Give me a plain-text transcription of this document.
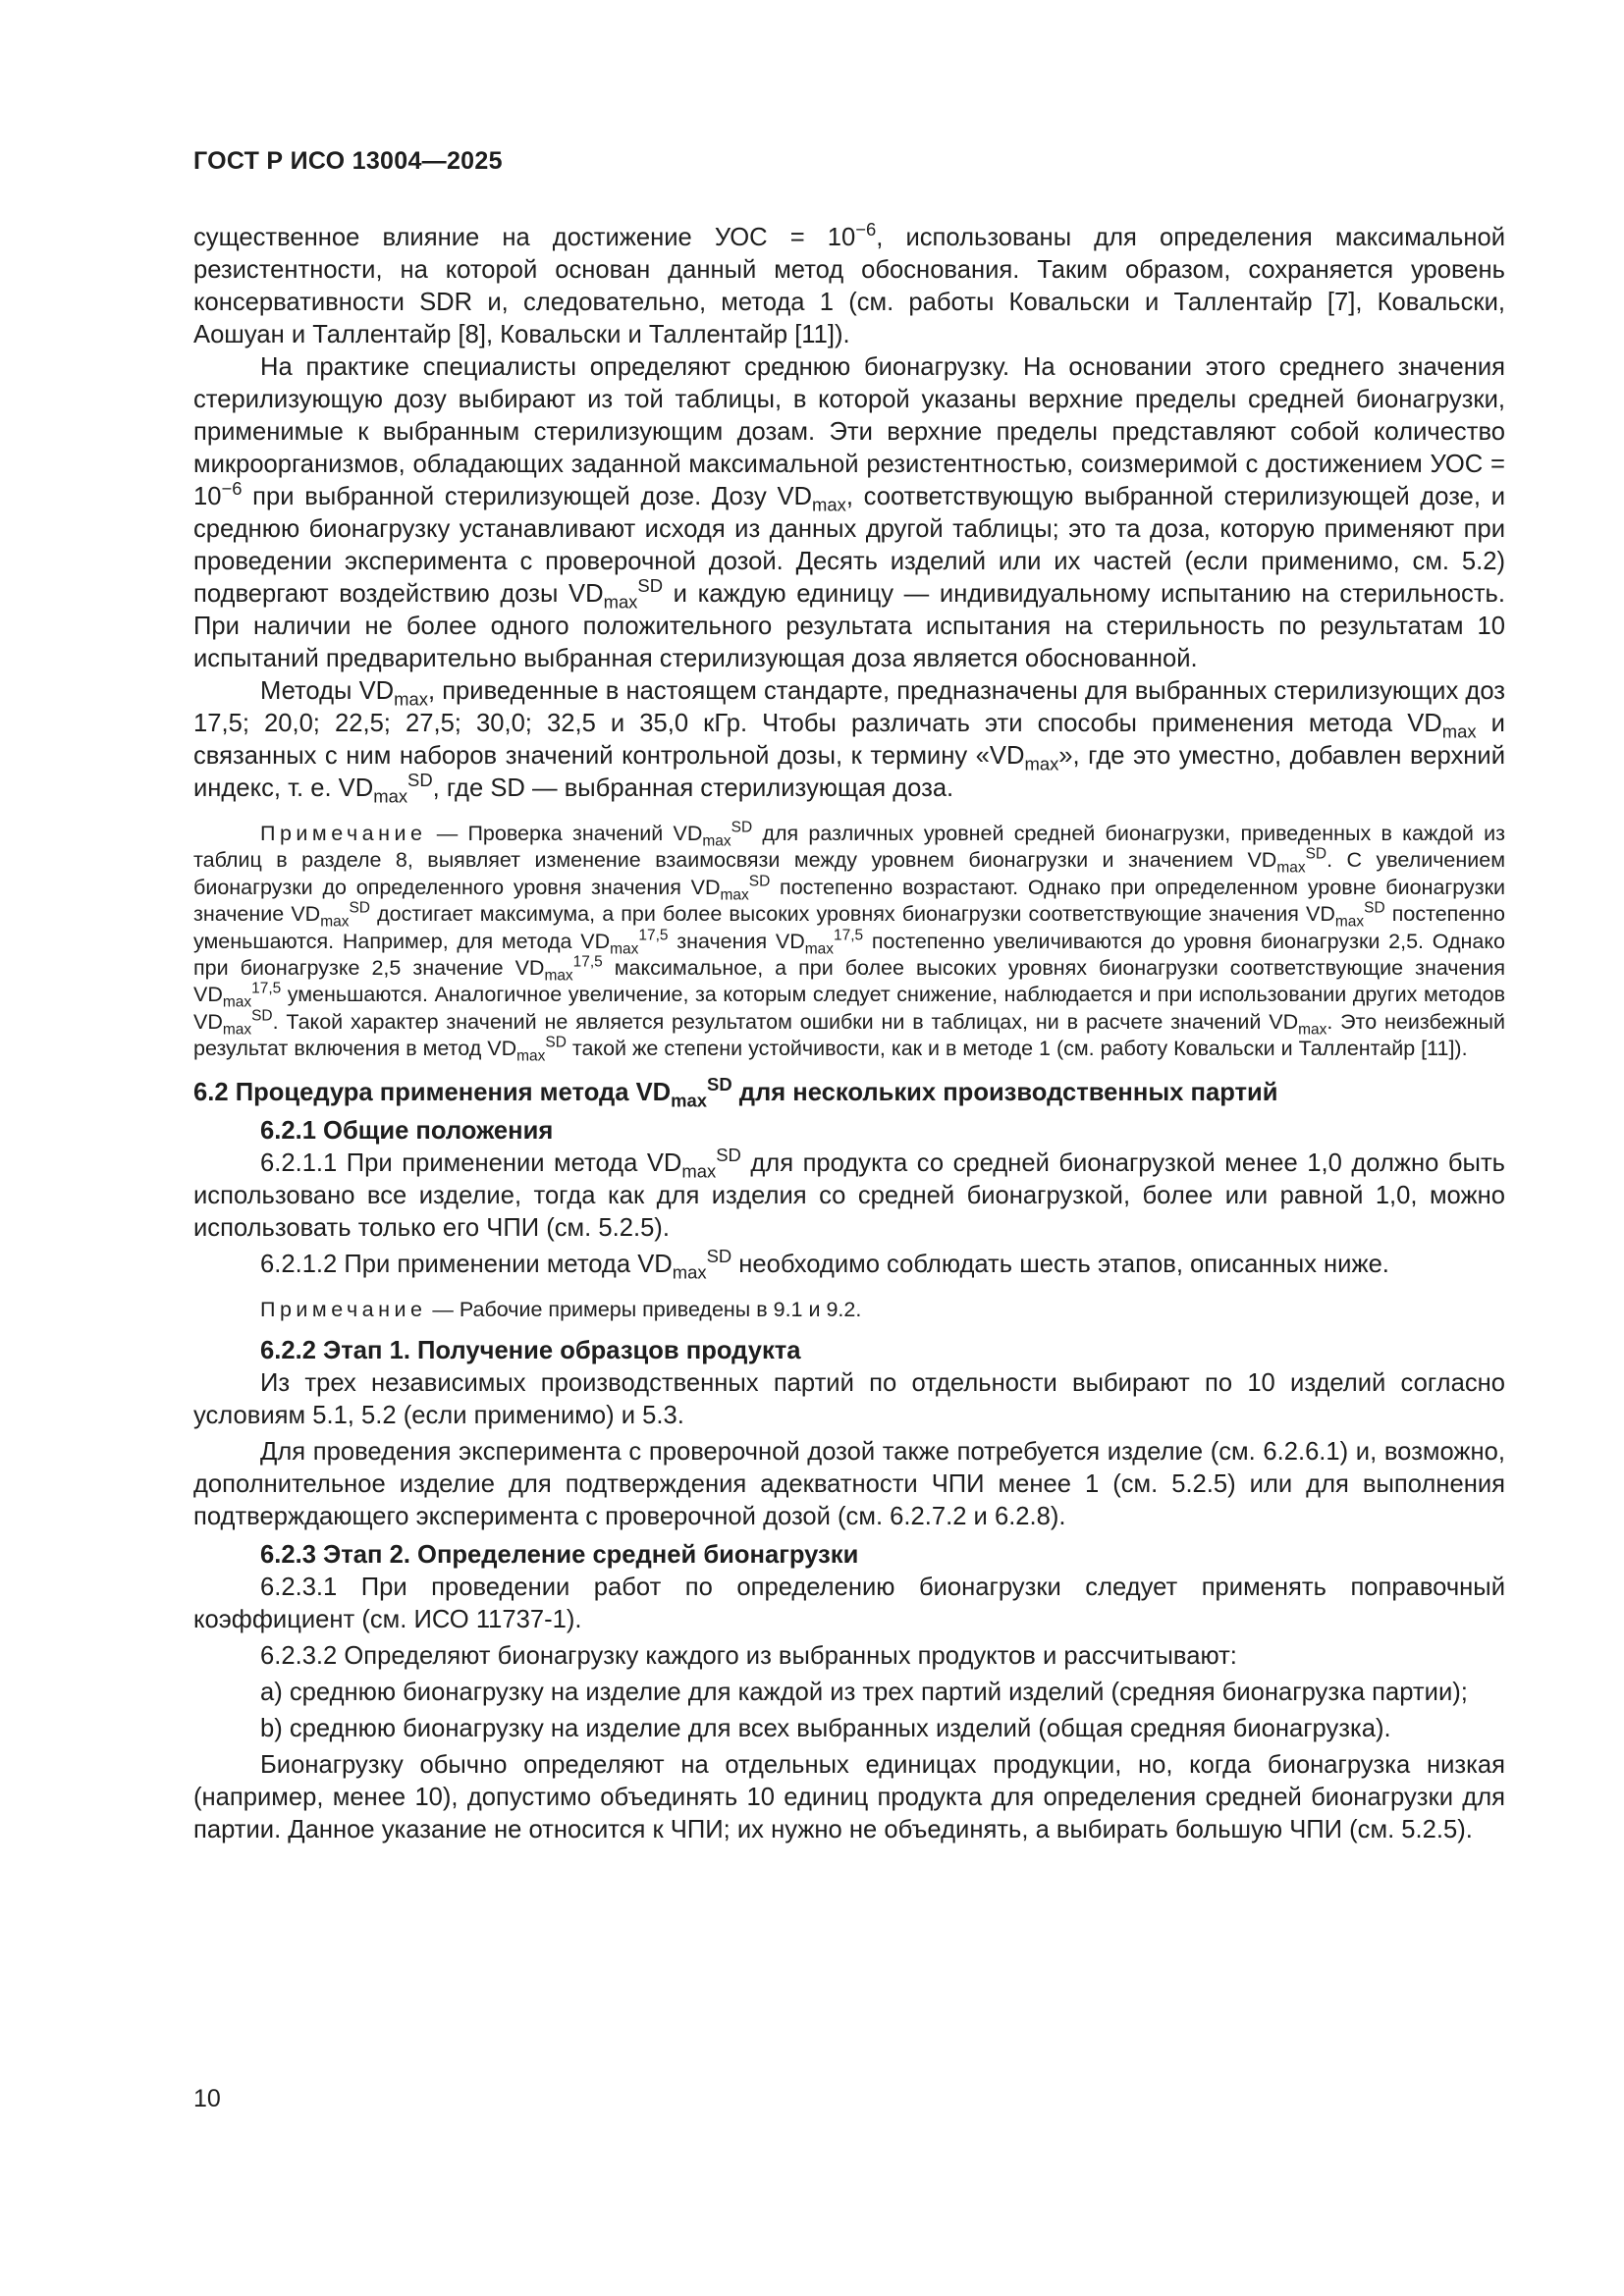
ГОСТ Р ИСО 13004—2025

существенное влияние на достижение УОС = $10^{-6}$, использованы для определения максимальной резистентности, на которой основан данный метод обоснования. Таким образом, сохраняется уровень консервативности SDR и, следовательно, метода 1 (см. работы Ковальски и Таллентайр [7], Ковальски, Аошуан и Таллентайр [8], Ковальски и Таллентайр [11]).

На практике специалисты определяют среднюю бионагрузку. На основании этого среднего значения стерилизующую дозу выбирают из той таблицы, в которой указаны верхние пределы средней бионагрузки, применимые к выбранным стерилизующим дозам. Эти верхние пределы представляют собой количество микроорганизмов, обладающих заданной максимальной резистентностью, соизмеримой с достижением УОС = $10^{-6}$ при выбранной стерилизующей дозе. Дозу $VD_{max}$, соответствующую выбранной стерилизующей дозе, и среднюю бионагрузку устанавливают исходя из данных другой таблицы; это та доза, которую применяют при проведении эксперимента с проверочной дозой. Десять изделий или их частей (если применимо, см. 5.2) подвергают воздействию дозы $VD_{max}^{SD}$ и каждую единицу — индивидуальному испытанию на стерильность. При наличии не более одного положительного результата испытания на стерильность по результатам 10 испытаний предварительно выбранная стерилизующая доза является обоснованной.

Методы $VD_{max}$, приведенные в настоящем стандарте, предназначены для выбранных стерилизующих доз 17,5; 20,0; 22,5; 27,5; 30,0; 32,5 и 35,0 кГр. Чтобы различать эти способы применения метода $VD_{max}$ и связанных с ним наборов значений контрольной дозы, к термину «$VD_{max}$», где это уместно, добавлен верхний индекс, т. е. $VD_{max}^{SD}$, где SD — выбранная стерилизующая доза.

Примечание — Проверка значений $VD_{max}^{SD}$ для различных уровней средней бионагрузки, приведенных в каждой из таблиц в разделе 8, выявляет изменение взаимосвязи между уровнем бионагрузки и значением $VD_{max}^{SD}$. С увеличением бионагрузки до определенного уровня значения $VD_{max}^{SD}$ постепенно возрастают. Однако при определенном уровне бионагрузки значение $VD_{max}^{SD}$ достигает максимума, а при более высоких уровнях бионагрузки соответствующие значения $VD_{max}^{SD}$ постепенно уменьшаются. Например, для метода $VD_{max}^{17,5}$ значения $VD_{max}^{17,5}$ постепенно увеличиваются до уровня бионагрузки 2,5. Однако при бионагрузке 2,5 значение $VD_{max}^{17,5}$ максимальное, а при более высоких уровнях бионагрузки соответствующие значения $VD_{max}^{17,5}$ уменьшаются. Аналогичное увеличение, за которым следует снижение, наблюдается и при использовании других методов $VD_{max}^{SD}$. Такой характер значений не является результатом ошибки ни в таблицах, ни в расчете значений $VD_{max}$. Это неизбежный результат включения в метод $VD_{max}^{SD}$ такой же степени устойчивости, как и в методе 1 (см. работу Ковальски и Таллентайр [11]).

6.2 Процедура применения метода $VD_{max}^{SD}$ для нескольких производственных партий

6.2.1 Общие положения

6.2.1.1 При применении метода $VD_{max}^{SD}$ для продукта со средней бионагрузкой менее 1,0 должно быть использовано все изделие, тогда как для изделия со средней бионагрузкой, более или равной 1,0, можно использовать только его ЧПИ (см. 5.2.5).

6.2.1.2 При применении метода $VD_{max}^{SD}$ необходимо соблюдать шесть этапов, описанных ниже.

Примечание — Рабочие примеры приведены в 9.1 и 9.2.

6.2.2 Этап 1. Получение образцов продукта

Из трех независимых производственных партий по отдельности выбирают по 10 изделий согласно условиям 5.1, 5.2 (если применимо) и 5.3.

Для проведения эксперимента с проверочной дозой также потребуется изделие (см. 6.2.6.1) и, возможно, дополнительное изделие для подтверждения адекватности ЧПИ менее 1 (см. 5.2.5) или для выполнения подтверждающего эксперимента с проверочной дозой (см. 6.2.7.2 и 6.2.8).

6.2.3 Этап 2. Определение средней бионагрузки

6.2.3.1 При проведении работ по определению бионагрузки следует применять поправочный коэффициент (см. ИСО 11737-1).

6.2.3.2 Определяют бионагрузку каждого из выбранных продуктов и рассчитывают:

a) среднюю бионагрузку на изделие для каждой из трех партий изделий (средняя бионагрузка партии);

b) среднюю бионагрузку на изделие для всех выбранных изделий (общая средняя бионагрузка).

Бионагрузку обычно определяют на отдельных единицах продукции, но, когда бионагрузка низкая (например, менее 10), допустимо объединять 10 единиц продукта для определения средней бионагрузки для партии. Данное указание не относится к ЧПИ; их нужно не объединять, а выбирать большую ЧПИ (см. 5.2.5).

10
